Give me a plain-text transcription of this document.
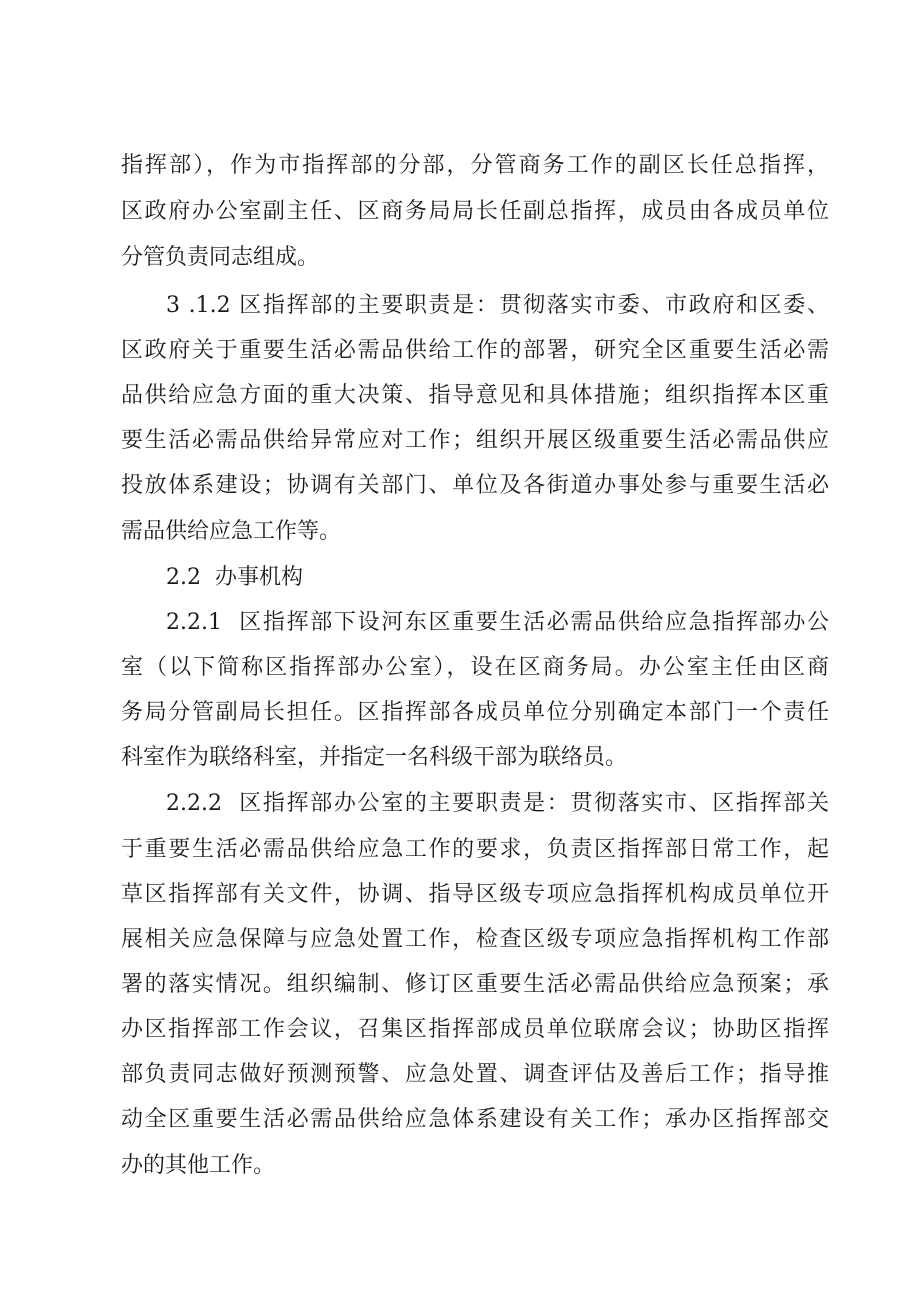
指挥部），作为市指挥部的分部，分管商务工作的副区长任总指挥，
区政府办公室副主任、区商务局局长任副总指挥，成员由各成员单位
分管负责同志组成。
3 .1.2 区指挥部的主要职责是：贯彻落实市委、市政府和区委、
区政府关于重要生活必需品供给工作的部署，研究全区重要生活必需
品供给应急方面的重大决策、指导意见和具体措施；组织指挥本区重
要生活必需品供给异常应对工作；组织开展区级重要生活必需品供应
投放体系建设；协调有关部门、单位及各街道办事处参与重要生活必
需品供给应急工作等。
2.2  办事机构
2.2.1  区指挥部下设河东区重要生活必需品供给应急指挥部办公
室（以下简称区指挥部办公室），设在区商务局。办公室主任由区商
务局分管副局长担任。区指挥部各成员单位分别确定本部门一个责任
科室作为联络科室，并指定一名科级干部为联络员。
2.2.2  区指挥部办公室的主要职责是：贯彻落实市、区指挥部关
于重要生活必需品供给应急工作的要求，负责区指挥部日常工作，起
草区指挥部有关文件，协调、指导区级专项应急指挥机构成员单位开
展相关应急保障与应急处置工作，检查区级专项应急指挥机构工作部
署的落实情况。组织编制、修订区重要生活必需品供给应急预案；承
办区指挥部工作会议，召集区指挥部成员单位联席会议；协助区指挥
部负责同志做好预测预警、应急处置、调查评估及善后工作；指导推
动全区重要生活必需品供给应急体系建设有关工作；承办区指挥部交
办的其他工作。
